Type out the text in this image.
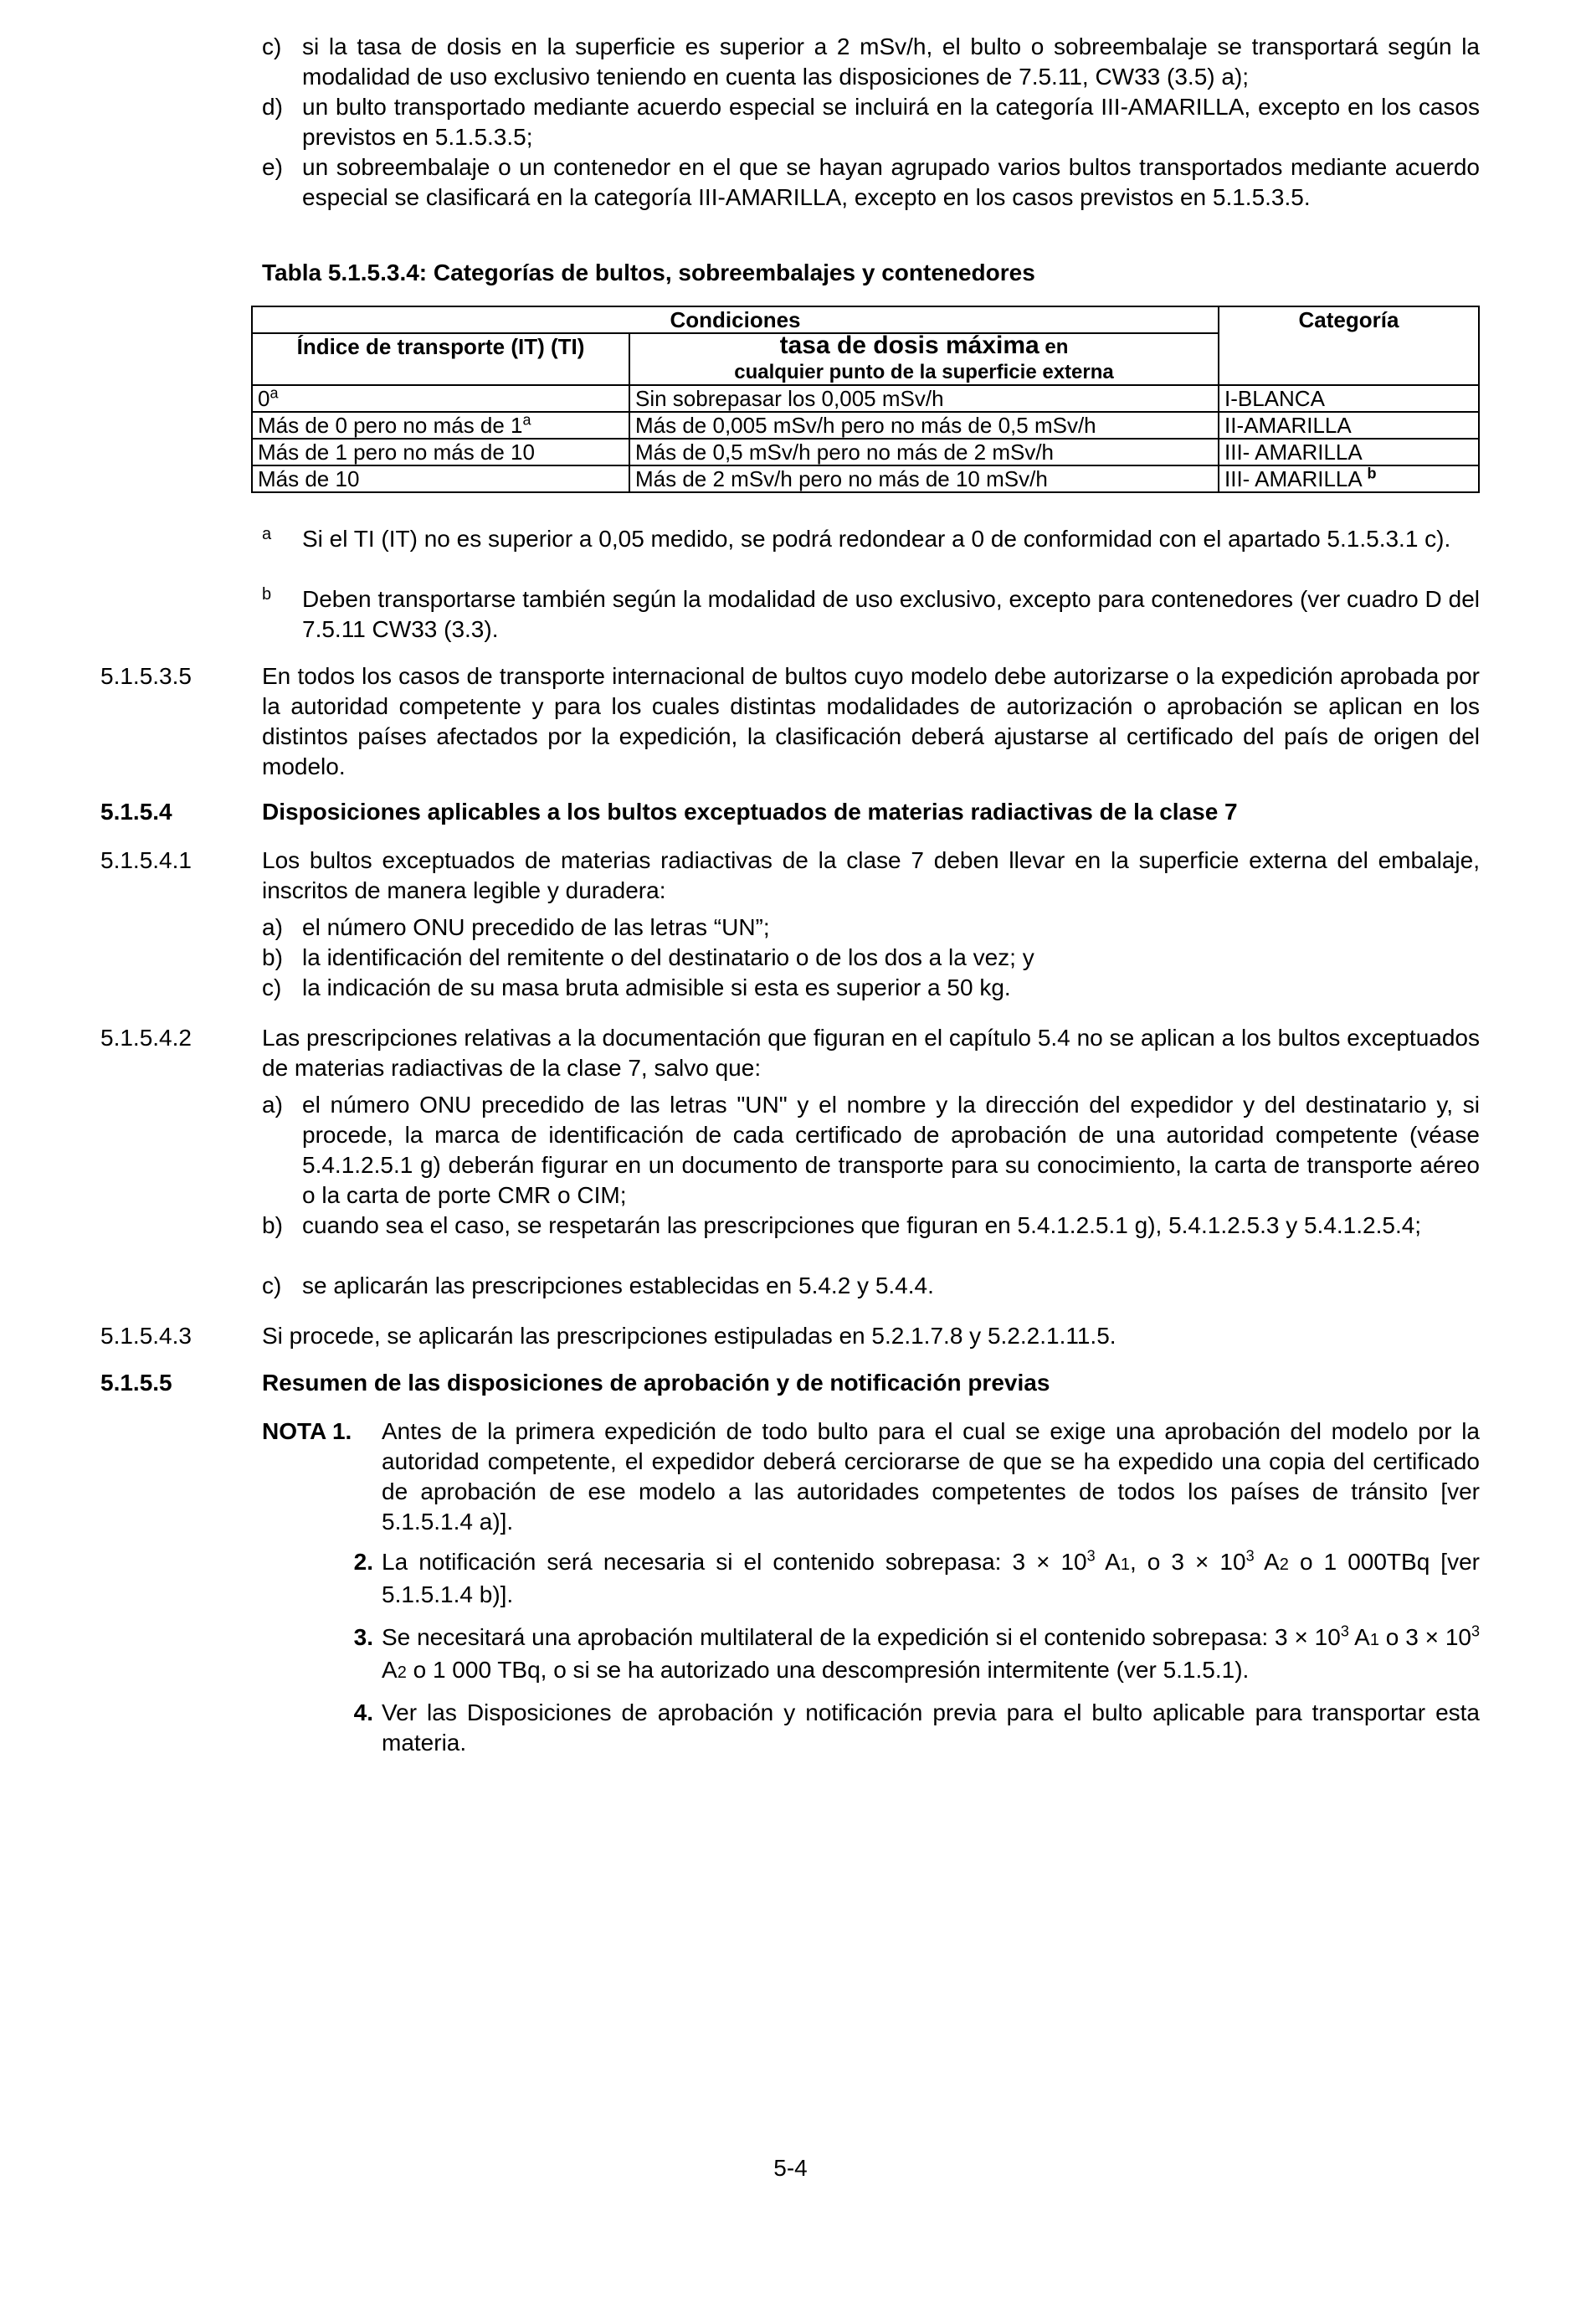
c) si la tasa de dosis en la superficie es superior a 2 mSv/h, el bulto o sobreembalaje se transportará según la modalidad de uso exclusivo teniendo en cuenta las disposiciones de 7.5.11, CW33 (3.5) a);
d) un bulto transportado mediante acuerdo especial se incluirá en la categoría III-AMARILLA, excepto en los casos previstos en 5.1.5.3.5;
e) un sobreembalaje o un contenedor en el que se hayan agrupado varios bultos transportados mediante acuerdo especial se clasificará en la categoría III-AMARILLA, excepto en los casos previstos en 5.1.5.3.5.
Tabla 5.1.5.3.4: Categorías de bultos, sobreembalajes y contenedores
Condiciones		Categoría
Índice de transporte (IT) (TI)	tasa de dosis máxima en
cualquier punto de la superficie externa	
0$^a$	Sin sobrepasar los 0,005 mSv/h	I-BLANCA
Más de 0 pero no más de 1$^a$	Más de 0,005 mSv/h pero no más de 0,5 mSv/h	II-AMARILLA
Más de 1 pero no más de 10	Más de 0,5 mSv/h pero no más de 2 mSv/h	III- AMARILLA
Más de 10	Más de 2 mSv/h pero no más de 10 mSv/h	III- AMARILLA $^b$
a Si el TI (IT) no es superior a 0,05 medido, se podrá redondear a 0 de conformidad con el apartado 5.1.5.3.1 c).
b Deben transportarse también según la modalidad de uso exclusivo, excepto para contenedores (ver cuadro D del 7.5.11 CW33 (3.3).
5.1.5.3.5	En todos los casos de transporte internacional de bultos cuyo modelo debe autorizarse o la expedición aprobada por la autoridad competente y para los cuales distintas modalidades de autorización o aprobación se aplican en los distintos países afectados por la expedición, la clasificación deberá ajustarse al certificado del país de origen del modelo.
5.1.5.4	Disposiciones aplicables a los bultos exceptuados de materias radiactivas de la clase 7
5.1.5.4.1	Los bultos exceptuados de materias radiactivas de la clase 7 deben llevar en la superficie externa del embalaje, inscritos de manera legible y duradera:
a) el número ONU precedido de las letras “UN”;
b) la identificación del remitente o del destinatario o de los dos a la vez; y
c) la indicación de su masa bruta admisible si esta es superior a 50 kg.
5.1.5.4.2	Las prescripciones relativas a la documentación que figuran en el capítulo 5.4 no se aplican a los bultos exceptuados de materias radiactivas de la clase 7, salvo que:
a) el número ONU precedido de las letras "UN" y el nombre y la dirección del expedidor y del destinatario y, si procede, la marca de identificación de cada certificado de aprobación de una autoridad competente (véase 5.4.1.2.5.1 g) deberán figurar en un documento de transporte para su conocimiento, la carta de transporte aéreo o la carta de porte CMR o CIM;
b) cuando sea el caso, se respetarán las prescripciones que figuran en 5.4.1.2.5.1 g), 5.4.1.2.5.3 y 5.4.1.2.5.4;
c) se aplicarán las prescripciones establecidas en 5.4.2 y 5.4.4.
5.1.5.4.3	Si procede, se aplicarán las prescripciones estipuladas en 5.2.1.7.8 y 5.2.2.1.11.5.
5.1.5.5	Resumen de las disposiciones de aprobación y de notificación previas
NOTA 1.	Antes de la primera expedición de todo bulto para el cual se exige una aprobación del modelo por la autoridad competente, el expedidor deberá cerciorarse de que se ha expedido una copia del certificado de aprobación de ese modelo a las autoridades competentes de todos los países de tránsito [ver 5.1.5.1.4 a)].
2. La notificación será necesaria si el contenido sobrepasa: $3 \times 10^3$ A1, o $3 \times 10^3$ A2 o 1 000TBq [ver 5.1.5.1.4 b)].
3. Se necesitará una aprobación multilateral de la expedición si el contenido sobrepasa: $3 \times 10^3$ A1 o $3 \times 10^3$ A2 o 1 000 TBq, o si se ha autorizado una descompresión intermitente (ver 5.1.5.1).
4. Ver las Disposiciones de aprobación y notificación previa para el bulto aplicable para transportar esta materia.
5-4
